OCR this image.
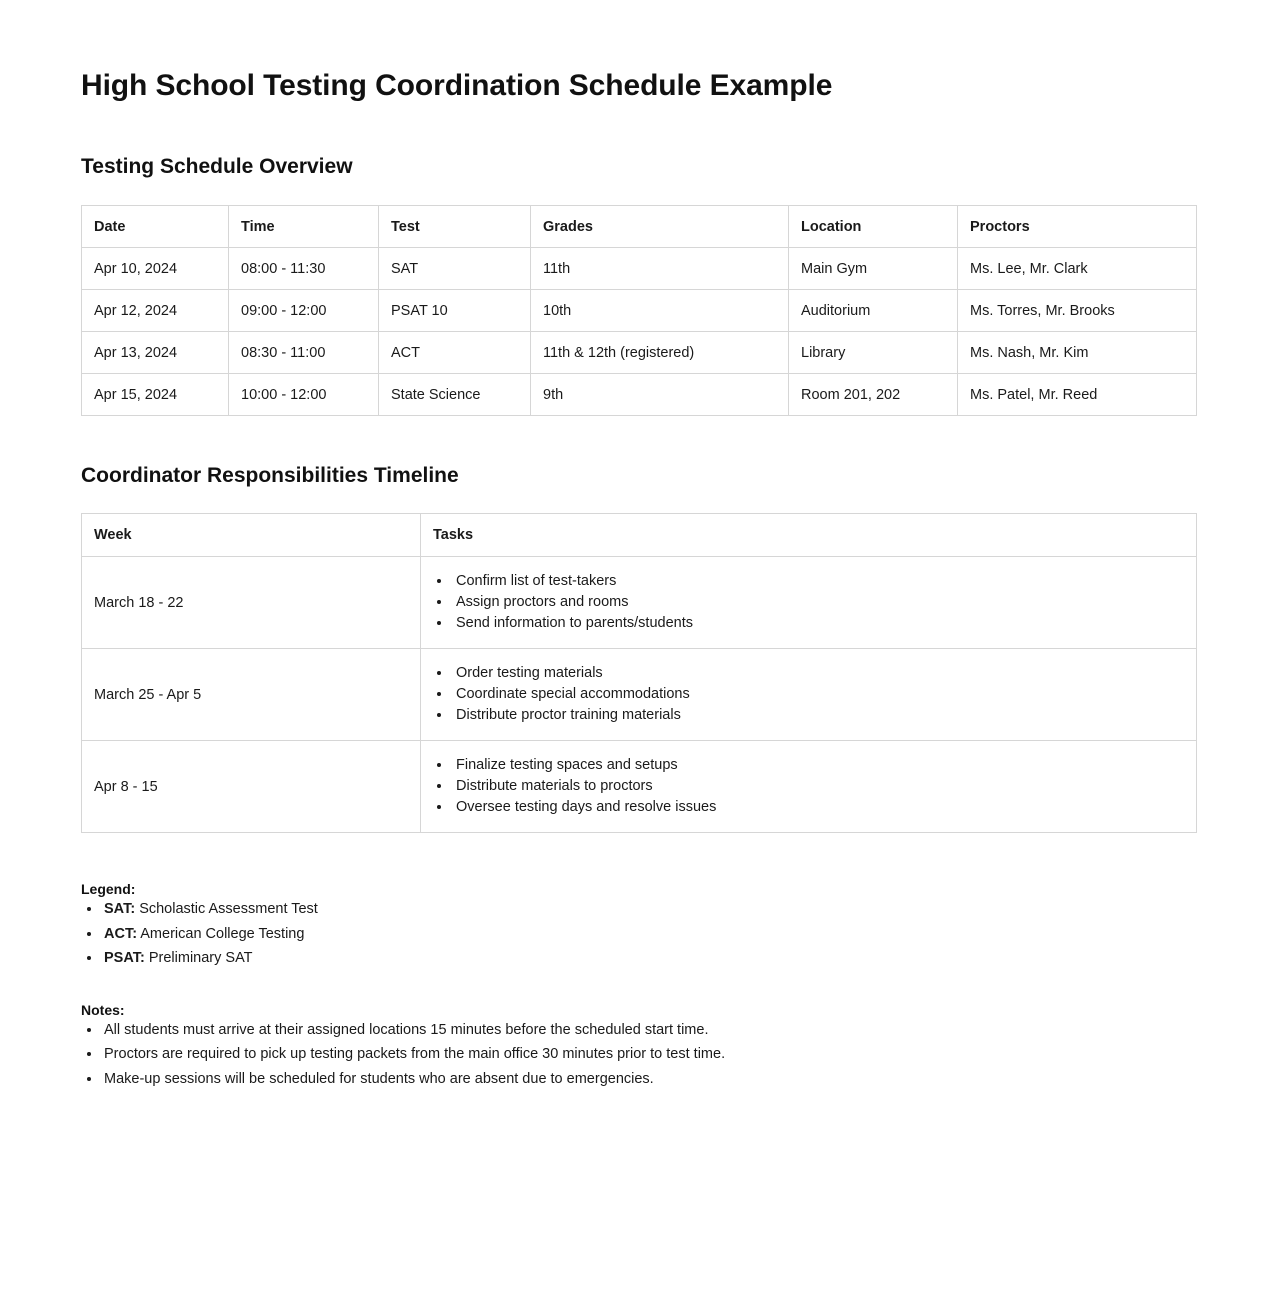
High School Testing Coordination Schedule Example
Testing Schedule Overview
Date	Time	Test	Grades	Location	Proctors
Apr 10, 2024	08:00 - 11:30	SAT	11th	Main Gym	Ms. Lee, Mr. Clark
Apr 12, 2024	09:00 - 12:00	PSAT 10	10th	Auditorium	Ms. Torres, Mr. Brooks
Apr 13, 2024	08:30 - 11:00	ACT	11th & 12th (registered)	Library	Ms. Nash, Mr. Kim
Apr 15, 2024	10:00 - 12:00	State Science	9th	Room 201, 202	Ms. Patel, Mr. Reed
Coordinator Responsibilities Timeline
Week	Tasks
March 18 - 22	
• Confirm list of test-takers
• Assign proctors and rooms
• Send information to parents/students

March 25 - Apr 5	
• Order testing materials
• Coordinate special accommodations
• Distribute proctor training materials

Apr 8 - 15	
• Finalize testing spaces and setups
• Distribute materials to proctors
• Oversee testing days and resolve issues

Legend:

• SAT: Scholastic Assessment Test
• ACT: American College Testing
• PSAT: Preliminary SAT

Notes:

• All students must arrive at their assigned locations 15 minutes before the scheduled start time.
• Proctors are required to pick up testing packets from the main office 30 minutes prior to test time.
• Make-up sessions will be scheduled for students who are absent due to emergencies.
